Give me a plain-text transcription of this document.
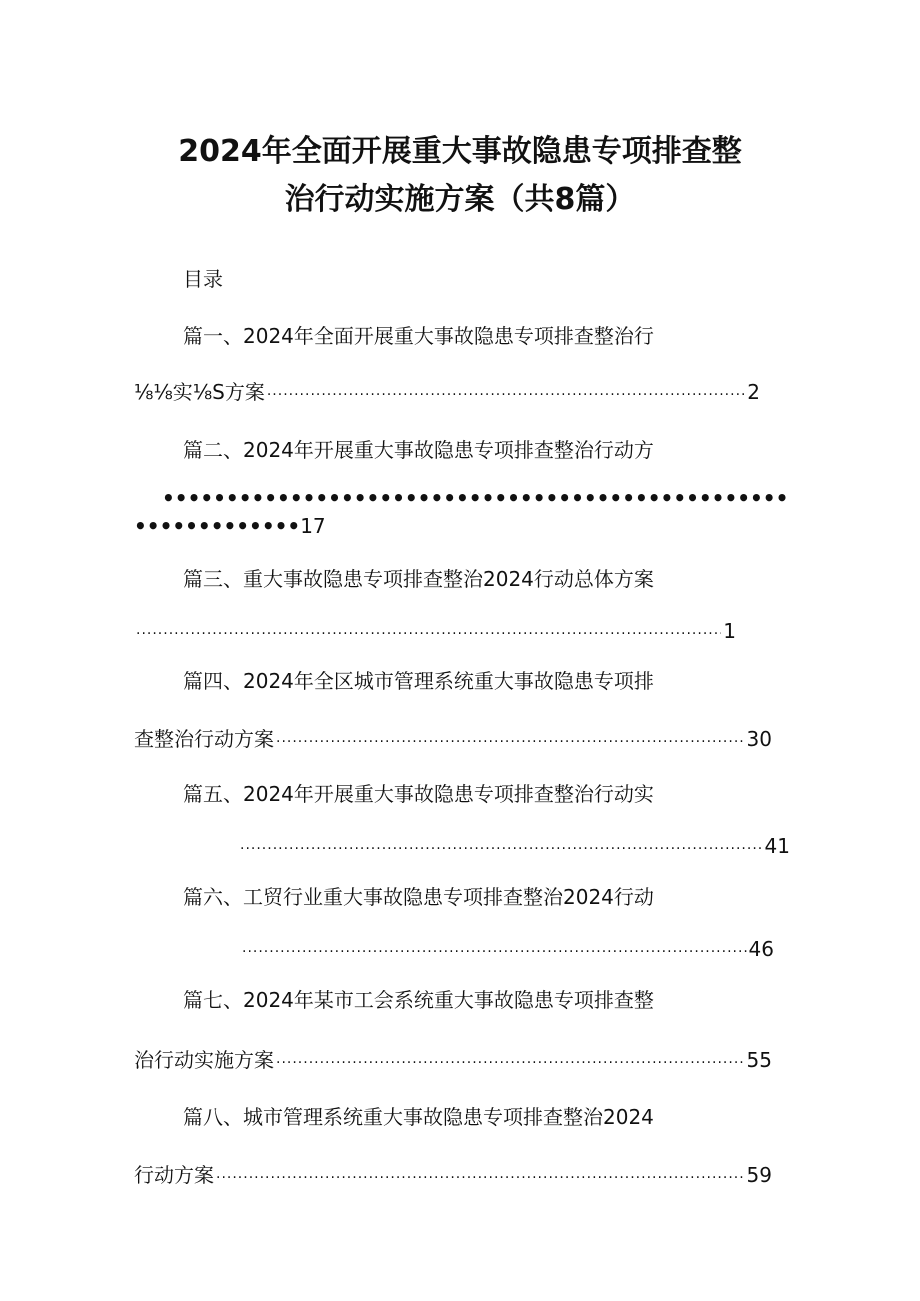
2024年全面开展重大事故隐患专项排查整
治行动实施方案（共8篇）
目录
篇一、2024年全面开展重大事故隐患专项排查整治行
⅛⅛实⅛S方案 .....	2
篇二、2024年开展重大事故隐患专项排查整治行动方
•••••
•••••••••••••17
篇三、重大事故隐患专项排查整治2024行动总体方案
.....
1
篇四、2024年全区城市管理系统重大事故隐患专项排
查整治行动方案 .....	30
篇五、2024年开展重大事故隐患专项排查整治行动实
.....
41
篇六、工贸行业重大事故隐患专项排查整治2024行动
.....
46
篇七、2024年某市工会系统重大事故隐患专项排查整
治行动实施方案 .....	55
篇八、城市管理系统重大事故隐患专项排查整治2024
行动方案 .....	59
